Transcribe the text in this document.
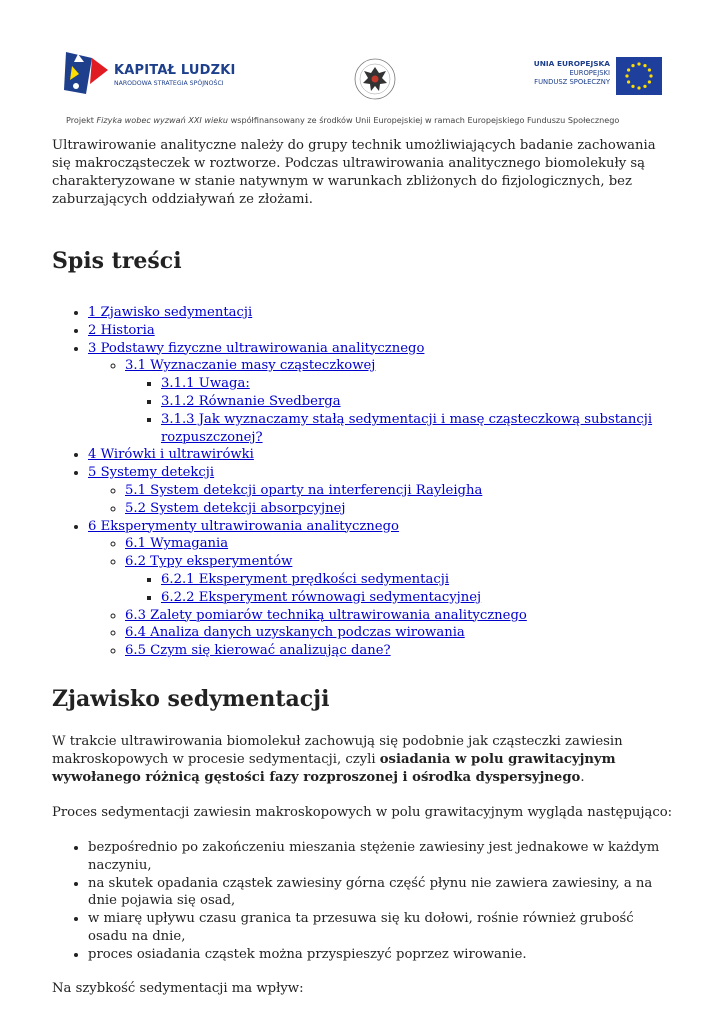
KAPITAŁ LUDZKI
NARODOWA STRATEGIA SPÓJNOŚCI
UNIA EUROPEJSKA
EUROPEJSKI
FUNDUSZ SPOŁECZNY
Projekt Fizyka wobec wyzwań XXI wieku współfinansowany ze środków Unii Europejskiej w ramach Europejskiego Funduszu Społecznego

Ultrawirowanie analityczne należy do grupy technik umożliwiających badanie zachowania się makrocząsteczek w roztworze. Podczas ultrawirowania analitycznego biomolekuły są charakteryzowane w stanie natywnym w warunkach zbliżonych do fizjologicznych, bez zaburzających oddziaływań ze złożami.

Spis treści
• 1 Zjawisko sedymentacji
• 2 Historia
• 3 Podstawy fizyczne ultrawirowania analitycznego
◦ 3.1 Wyznaczanie masy cząsteczkowej
▪ 3.1.1 Uwaga:
▪ 3.1.2 Równanie Svedberga
▪ 3.1.3 Jak wyznaczamy stałą sedymentacji i masę cząsteczkową substancji rozpuszczonej?
• 4 Wirówki i ultrawirówki
• 5 Systemy detekcji
◦ 5.1 System detekcji oparty na interferencji Rayleigha
◦ 5.2 System detekcji absorpcyjnej
• 6 Eksperymenty ultrawirowania analitycznego
◦ 6.1 Wymagania
◦ 6.2 Typy eksperymentów
▪ 6.2.1 Eksperyment prędkości sedymentacji
▪ 6.2.2 Eksperyment równowagi sedymentacyjnej
◦ 6.3 Zalety pomiarów techniką ultrawirowania analitycznego
◦ 6.4 Analiza danych uzyskanych podczas wirowania
◦ 6.5 Czym się kierować analizując dane?
Zjawisko sedymentacji

W trakcie ultrawirowania biomolekuł zachowują się podobnie jak cząsteczki zawiesin makroskopowych w procesie sedymentacji, czyli osiadania w polu grawitacyjnym wywołanego różnicą gęstości fazy rozproszonej i ośrodka dyspersyjnego.

Proces sedymentacji zawiesin makroskopowych w polu grawitacyjnym wygląda następująco:

• bezpośrednio po zakończeniu mieszania stężenie zawiesiny jest jednakowe w każdym naczyniu,
• na skutek opadania cząstek zawiesiny górna część płynu nie zawiera zawiesiny, a na dnie pojawia się osad,
• w miarę upływu czasu granica ta przesuwa się ku dołowi, rośnie również grubość osadu na dnie,
• proces osiadania cząstek można przyspieszyć poprzez wirowanie.

Na szybkość sedymentacji ma wpływ:
